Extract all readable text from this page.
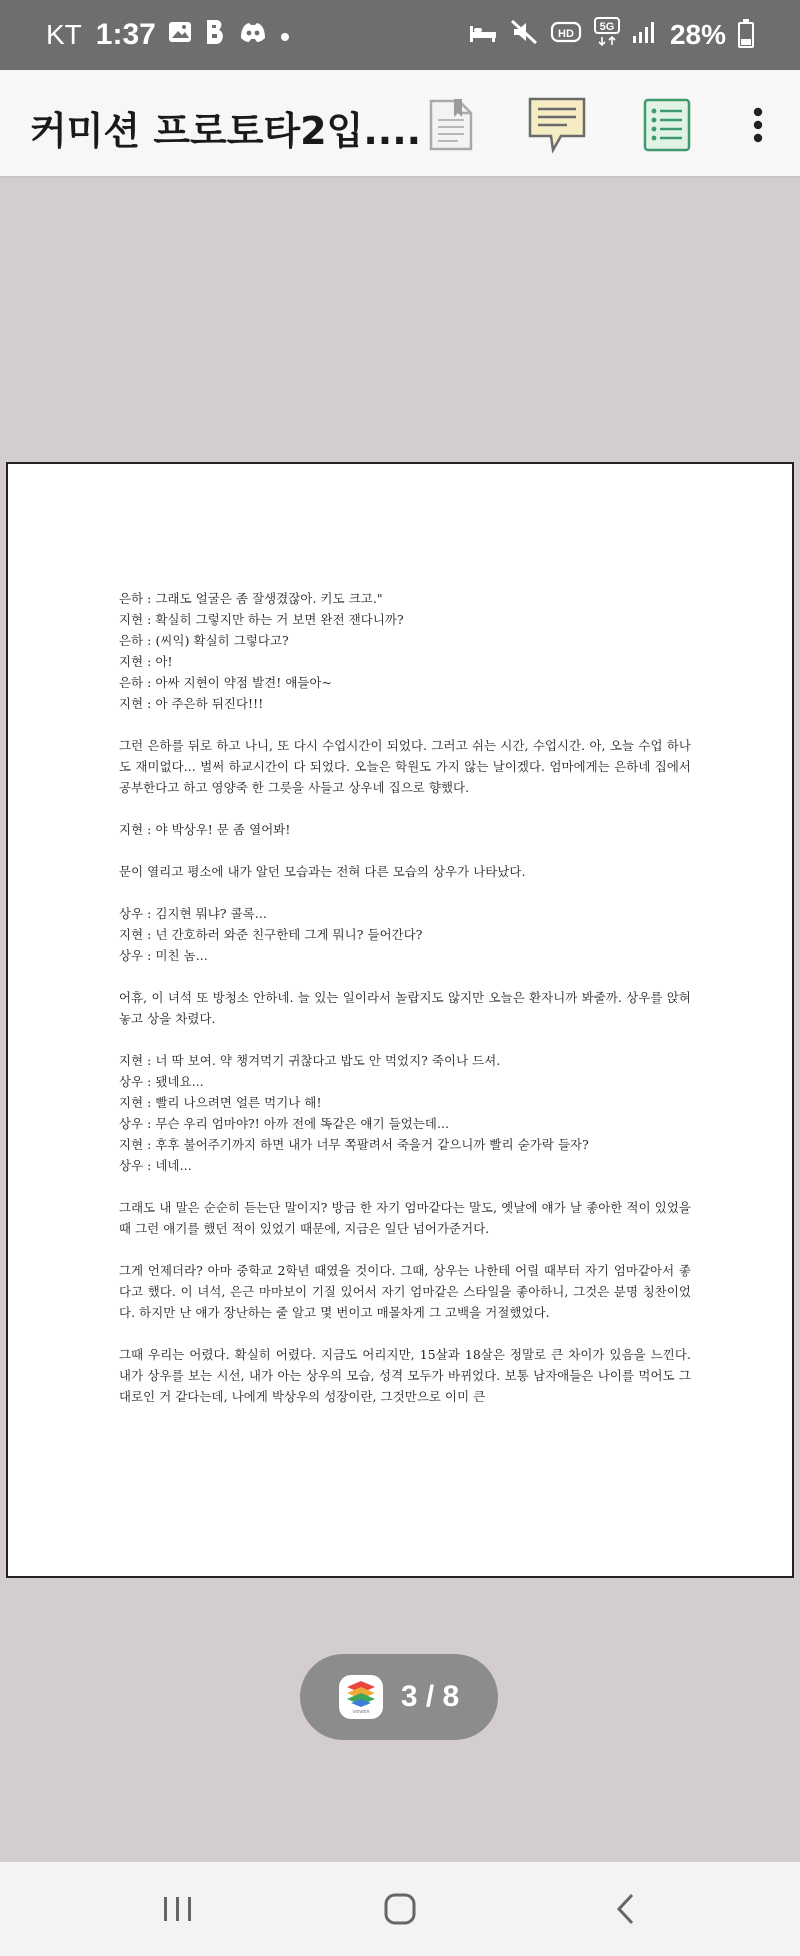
KT 1:37	HD
5G 28%
커미션 프로토타2입....
은하 : 그래도 얼굴은 좀 잘생겼잖아. 키도 크고."
지현 : 확실히 그렇지만 하는 거 보면 완전 잰다니까?
은하 : (씨익) 확실히 그렇다고?
지현 : 아!
은하 : 아싸 지현이 약점 발견! 얘들아~
지현 : 아 주은하 뒤진다!!!
그런 은하를 뒤로 하고 나니, 또 다시 수업시간이 되었다. 그러고 쉬는 시간, 수업시간. 아, 오늘 수업 하나도 재미없다... 벌써 하교시간이 다 되었다. 오늘은 학원도 가지 않는 날이겠다. 엄마에게는 은하네 집에서 공부한다고 하고 영양죽 한 그릇을 사들고 상우네 집으로 향했다.
지현 : 야 박상우! 문 좀 열어봐!
문이 열리고 평소에 내가 알던 모습과는 전혀 다른 모습의 상우가 나타났다.
상우 : 김지현 뭐냐? 콜록...
지현 : 넌 간호하러 와준 친구한테 그게 뭐니? 들어간다?
상우 : 미친 놈...
어휴, 이 녀석 또 방청소 안하네. 늘 있는 일이라서 놀랍지도 않지만 오늘은 환자니까 봐줄까. 상우를 앉혀놓고 상을 차렸다.
지현 : 너 딱 보여. 약 챙겨먹기 귀찮다고 밥도 안 먹었지? 죽이나 드셔.
상우 : 됐네요...
지현 : 빨리 나으려면 얼른 먹기나 해!
상우 : 무슨 우리 엄마야?! 아까 전에 똑같은 얘기 들었는데...
지현 : 후후 불어주기까지 하면 내가 너무 쪽팔려서 죽을거 같으니까 빨리 숟가락 들자?
상우 : 네네...
그래도 내 말은 순순히 듣는단 말이지? 방금 한 자기 엄마같다는 말도, 옛날에 얘가 날 좋아한 적이 있었을 때 그런 얘기를 했던 적이 있었기 때문에, 지금은 일단 넘어가준거다.
그게 언제더라? 아마 중학교 2학년 때였을 것이다. 그때, 상우는 나한테 어릴 때부터 자기 엄마같아서 좋다고 했다. 이 녀석, 은근 마마보이 기질 있어서 자기 엄마같은 스타일을 좋아하니, 그것은 분명 칭찬이었다. 하지만 난 얘가 장난하는 줄 알고 몇 번이고 매몰차게 그 고백을 거절했었다.
그때 우리는 어렸다. 확실히 어렸다. 지금도 어리지만, 15살과 18살은 정말로 큰 차이가 있음을 느낀다. 내가 상우를 보는 시선, 내가 아는 상우의 모습, 성격 모두가 바뀌었다. 보통 남자애들은 나이를 먹어도 그대로인 거 같다는데, 나에게 박상우의 성장이란, 그것만으로 이미 큰
VIEWER 3 / 8
